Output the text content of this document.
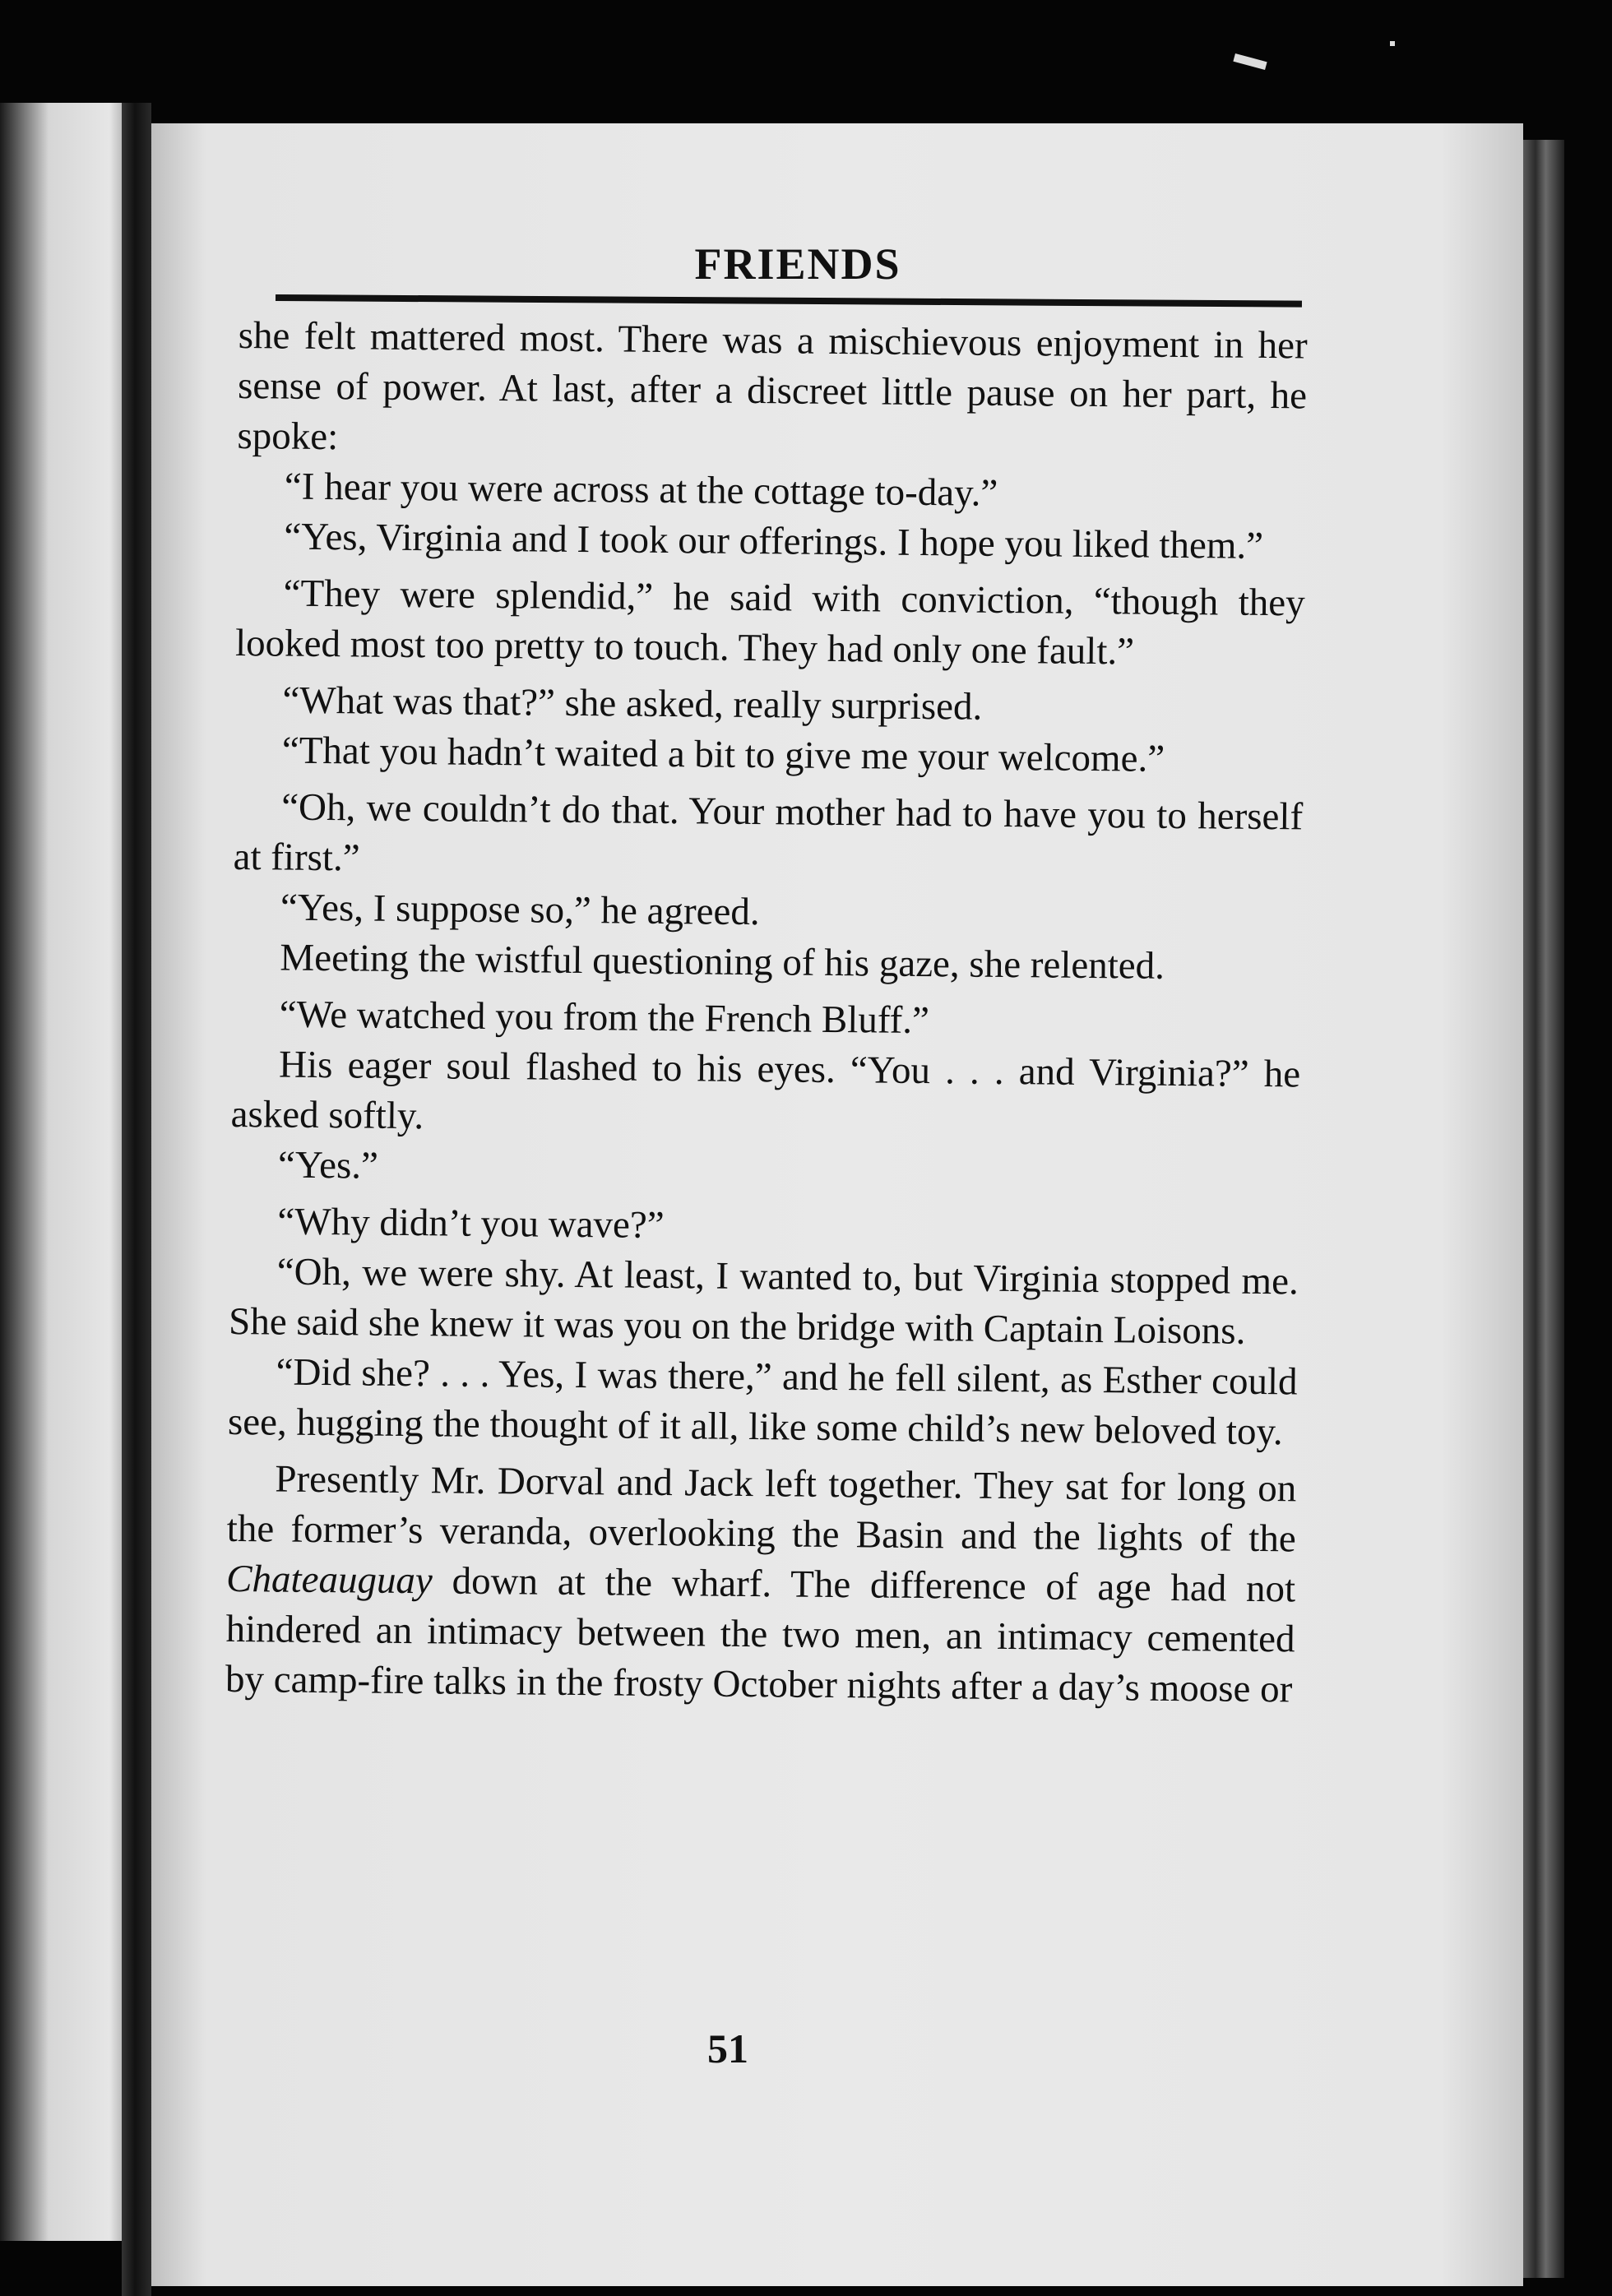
FRIENDS

she felt mattered most. There was a mischievous enjoyment in her sense of power. At last, after a discreet little pause on her part, he spoke:

“I hear you were across at the cottage to-day.”

“Yes, Virginia and I took our offerings. I hope you liked them.”

“They were splendid,” he said with conviction, “though they looked most too pretty to touch. They had only one fault.”

“What was that?” she asked, really surprised.

“That you hadn’t waited a bit to give me your welcome.”

“Oh, we couldn’t do that. Your mother had to have you to herself at first.”

“Yes, I suppose so,” he agreed.

Meeting the wistful questioning of his gaze, she relented.

“We watched you from the French Bluff.”

His eager soul flashed to his eyes. “You . . . and Virginia?” he asked softly.

“Yes.”

“Why didn’t you wave?”

“Oh, we were shy. At least, I wanted to, but Virginia stopped me. She said she knew it was you on the bridge with Captain Loisons.

“Did she? . . . Yes, I was there,” and he fell silent, as Esther could see, hugging the thought of it all, like some child’s new beloved toy.

Presently Mr. Dorval and Jack left together. They sat for long on the former’s veranda, overlooking the Basin and the lights of the Chateauguay down at the wharf. The difference of age had not hindered an intimacy between the two men, an intimacy cemented by camp-fire talks in the frosty October nights after a day’s moose or

51
